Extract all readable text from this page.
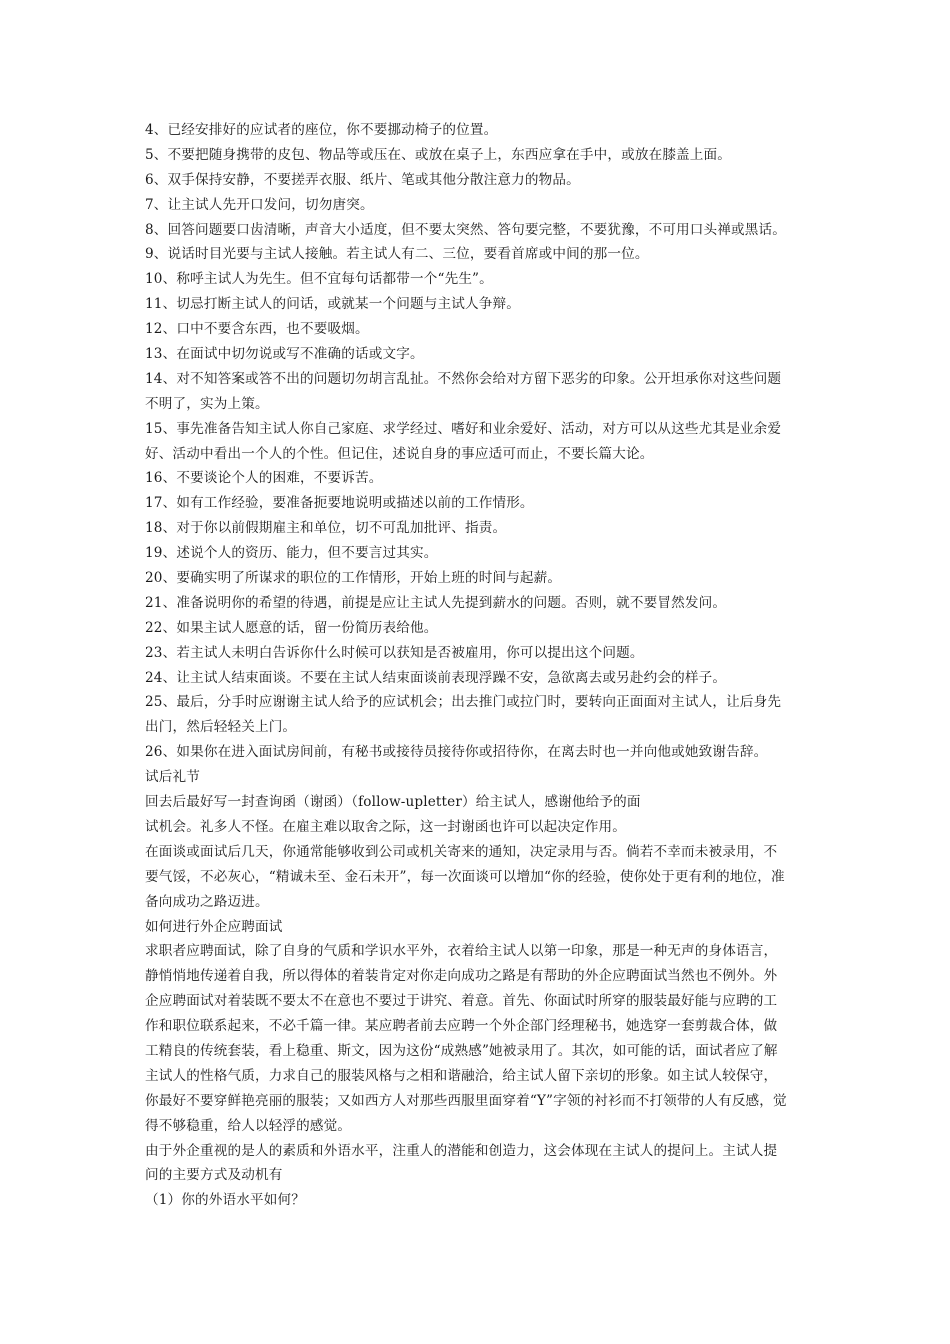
4、已经安排好的应试者的座位，你不要挪动椅子的位置。
5、不要把随身携带的皮包、物品等或压在、或放在桌子上，东西应拿在手中，或放在膝盖上面。
6、双手保持安静，不要搓弄衣服、纸片、笔或其他分散注意力的物品。
7、让主试人先开口发问，切勿唐突。
8、回答问题要口齿清晰，声音大小适度，但不要太突然、答句要完整，不要犹豫，不可用口头禅或黑话。
9、说话时目光要与主试人接触。若主试人有二、三位，要看首席或中间的那一位。
10、称呼主试人为先生。但不宜每句话都带一个“先生”。
11、切忌打断主试人的问话，或就某一个问题与主试人争辩。
12、口中不要含东西，也不要吸烟。
13、在面试中切勿说或写不准确的话或文字。
14、对不知答案或答不出的问题切勿胡言乱扯。不然你会给对方留下恶劣的印象。公开坦承你对这些问题
不明了，实为上策。
15、事先准备告知主试人你自己家庭、求学经过、嗜好和业余爱好、活动，对方可以从这些尤其是业余爱
好、活动中看出一个人的个性。但记住，述说自身的事应适可而止，不要长篇大论。
16、不要谈论个人的困难，不要诉苦。
17、如有工作经验，要准备扼要地说明或描述以前的工作情形。
18、对于你以前假期雇主和单位，切不可乱加批评、指责。
19、述说个人的资历、能力，但不要言过其实。
20、要确实明了所谋求的职位的工作情形，开始上班的时间与起薪。
21、准备说明你的希望的待遇，前提是应让主试人先提到薪水的问题。否则，就不要冒然发问。
22、如果主试人愿意的话，留一份简历表给他。
23、若主试人未明白告诉你什么时候可以获知是否被雇用，你可以提出这个问题。
24、让主试人结束面谈。不要在主试人结束面谈前表现浮躁不安，急欲离去或另赴约会的样子。
25、最后，分手时应谢谢主试人给予的应试机会；出去推门或拉门时，要转向正面面对主试人，让后身先
出门，然后轻轻关上门。
26、如果你在进入面试房间前，有秘书或接待员接待你或招待你，在离去时也一并向他或她致谢告辞。
试后礼节
回去后最好写一封查询函（谢函）（follow-upletter）给主试人，感谢他给予的面
试机会。礼多人不怪。在雇主难以取舍之际，这一封谢函也许可以起决定作用。
在面谈或面试后几天，你通常能够收到公司或机关寄来的通知，决定录用与否。倘若不幸而未被录用，不
要气馁，不必灰心，“精诚未至、金石未开”，每一次面谈可以增加“你的经验，使你处于更有利的地位，准
备向成功之路迈进。
如何进行外企应聘面试
求职者应聘面试，除了自身的气质和学识水平外，衣着给主试人以第一印象，那是一种无声的身体语言，
静悄悄地传递着自我，所以得体的着装肯定对你走向成功之路是有帮助的外企应聘面试当然也不例外。外
企应聘面试对着装既不要太不在意也不要过于讲究、着意。首先、你面试时所穿的服装最好能与应聘的工
作和职位联系起来，不必千篇一律。某应聘者前去应聘一个外企部门经理秘书，她选穿一套剪裁合体，做
工精良的传统套装，看上稳重、斯文，因为这份“成熟感”她被录用了。其次，如可能的话，面试者应了解
主试人的性格气质，力求自己的服装风格与之相和谐融洽，给主试人留下亲切的形象。如主试人较保守，
你最好不要穿鲜艳亮丽的服装；又如西方人对那些西服里面穿着“Y”字领的衬衫而不打领带的人有反感，觉
得不够稳重，给人以轻浮的感觉。
由于外企重视的是人的素质和外语水平，注重人的潜能和创造力，这会体现在主试人的提问上。主试人提
问的主要方式及动机有
（1）你的外语水平如何？
